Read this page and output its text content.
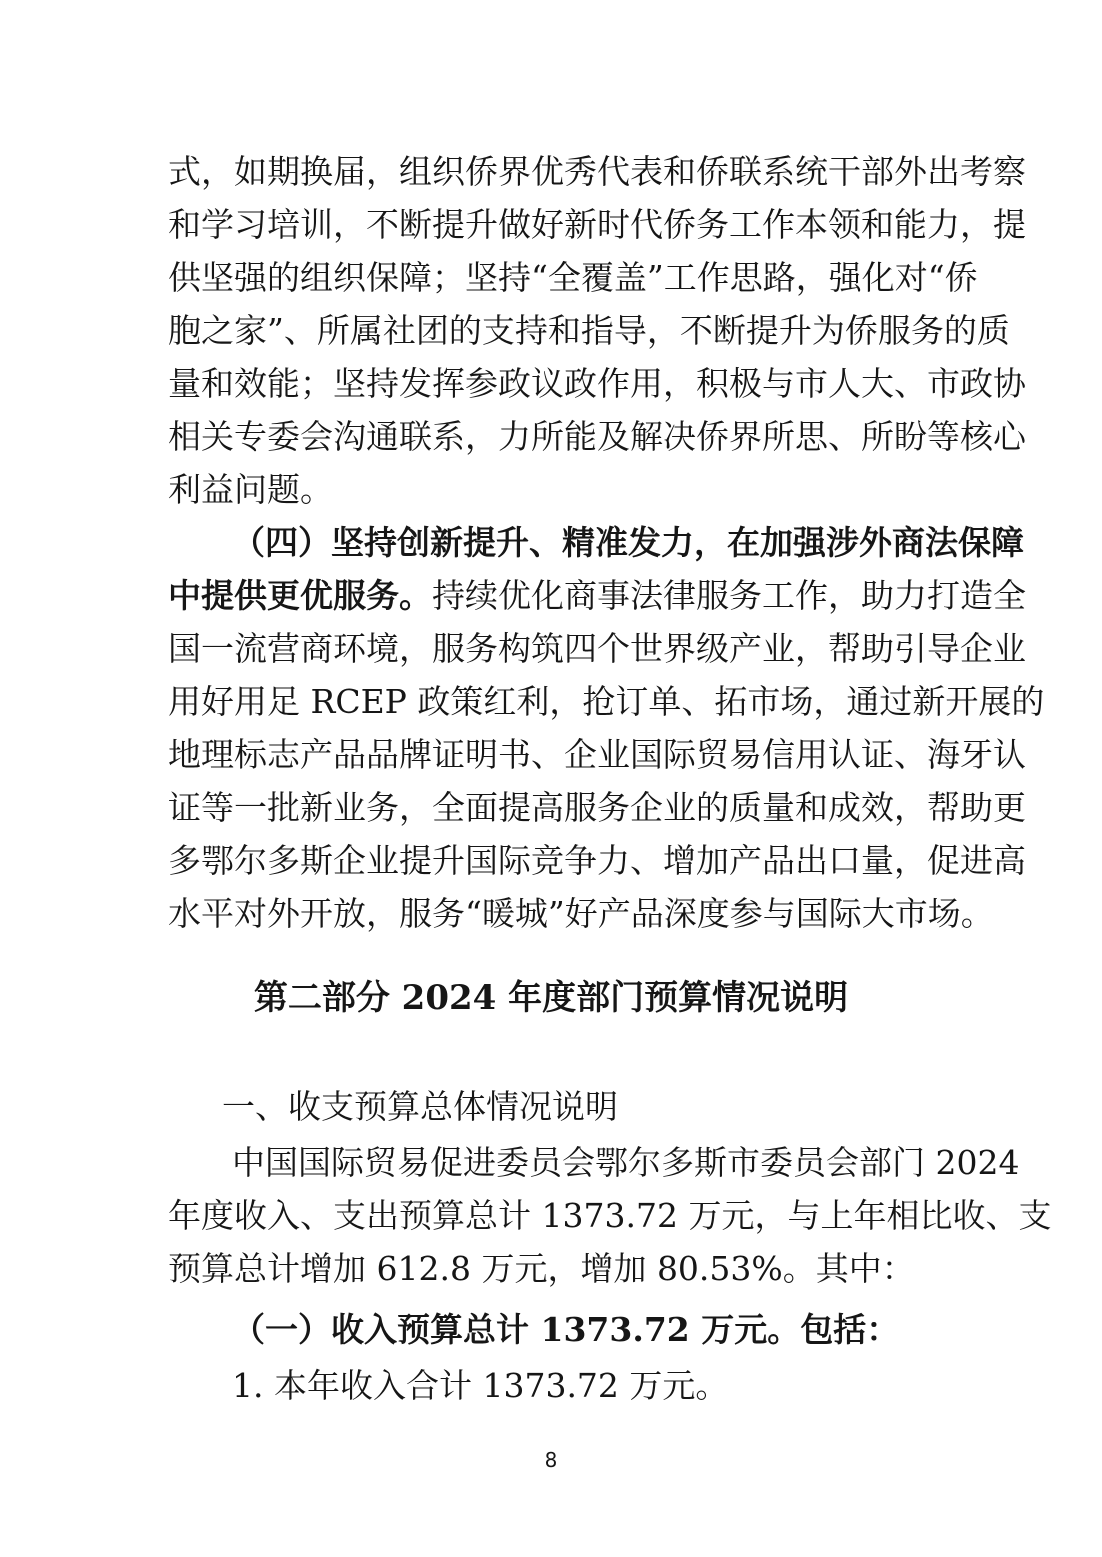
式，如期换届，组织侨界优秀代表和侨联系统干部外出考察
和学习培训，不断提升做好新时代侨务工作本领和能力，提
供坚强的组织保障；坚持“全覆盖”工作思路，强化对“侨
胞之家”、所属社团的支持和指导，不断提升为侨服务的质
量和效能；坚持发挥参政议政作用，积极与市人大、市政协
相关专委会沟通联系，力所能及解决侨界所思、所盼等核心
利益问题。
（四）坚持创新提升、精准发力，在加强涉外商法保障
中提供更优服务。持续优化商事法律服务工作，助力打造全
国一流营商环境，服务构筑四个世界级产业，帮助引导企业
用好用足 RCEP 政策红利，抢订单、拓市场，通过新开展的
地理标志产品品牌证明书、企业国际贸易信用认证、海牙认
证等一批新业务，全面提高服务企业的质量和成效，帮助更
多鄂尔多斯企业提升国际竞争力、增加产品出口量，促进高
水平对外开放，服务“暖城”好产品深度参与国际大市场。
第二部分 2024 年度部门预算情况说明
一、收支预算总体情况说明
中国国际贸易促进委员会鄂尔多斯市委员会部门 2024
年度收入、支出预算总计 1373.72 万元，与上年相比收、支
预算总计增加 612.8 万元，增加 80.53%。其中：
（一）收入预算总计 1373.72 万元。包括：
1. 本年收入合计 1373.72 万元。
8
